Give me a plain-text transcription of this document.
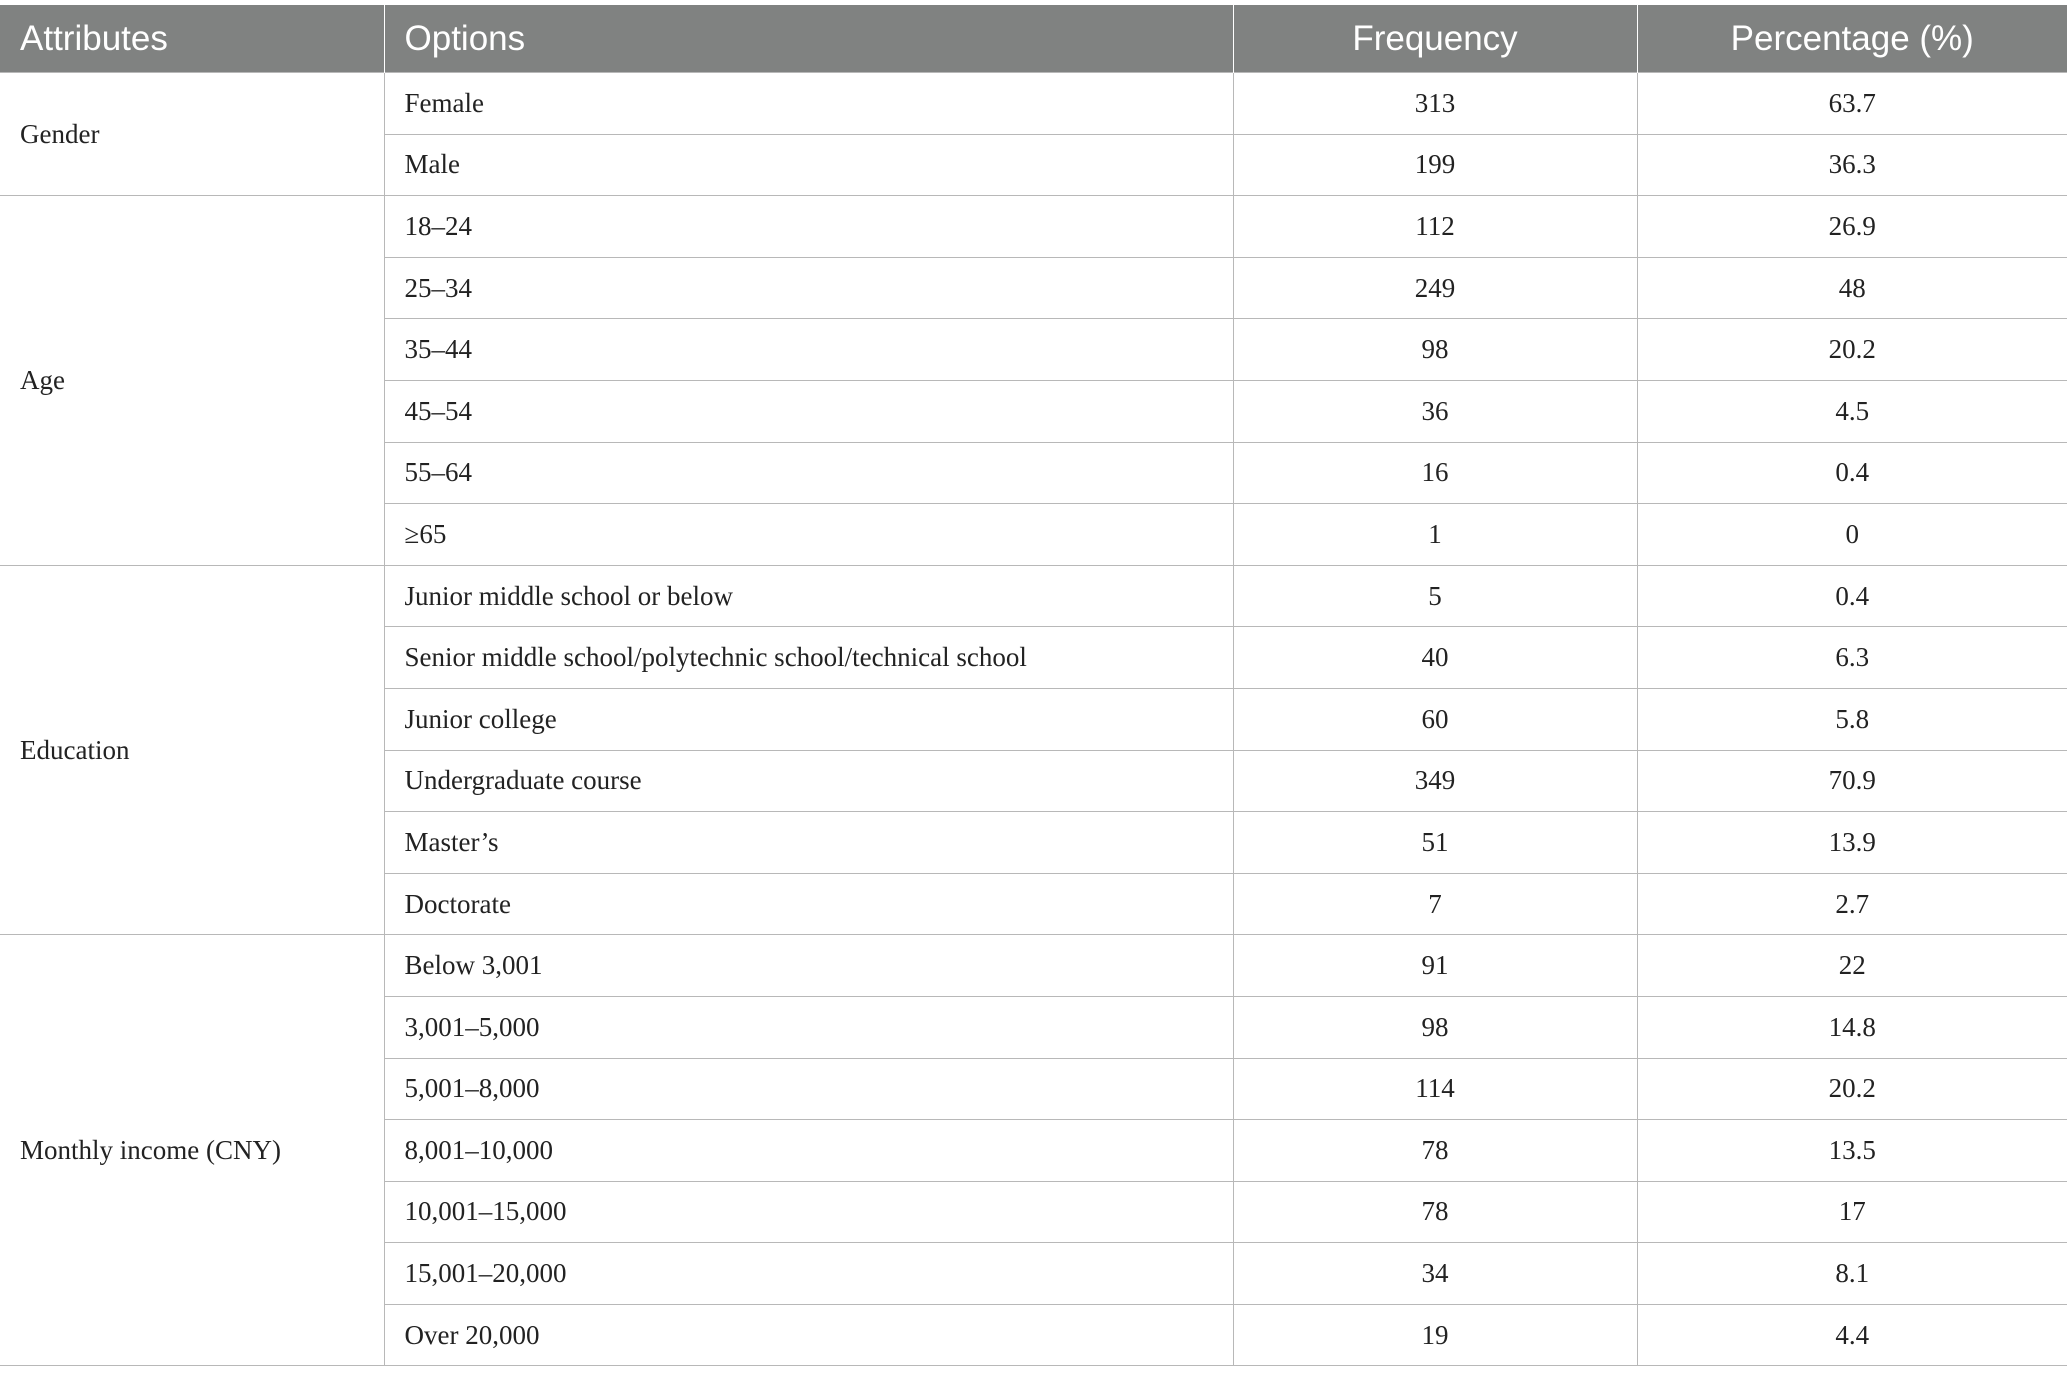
Attributes	Options	Frequency	Percentage (%)
Gender	Female	313	63.7
	Male	199	36.3
Age	18–24	112	26.9
	25–34	249	48
	35–44	98	20.2
	45–54	36	4.5
	55–64	16	0.4
	≥65	1	0
Education	Junior middle school or below	5	0.4
	Senior middle school/polytechnic school/technical school	40	6.3
	Junior college	60	5.8
	Undergraduate course	349	70.9
	Master’s	51	13.9
	Doctorate	7	2.7
Monthly income (CNY)	Below 3,001	91	22
	3,001–5,000	98	14.8
	5,001–8,000	114	20.2
	8,001–10,000	78	13.5
	10,001–15,000	78	17
	15,001–20,000	34	8.1
	Over 20,000	19	4.4
